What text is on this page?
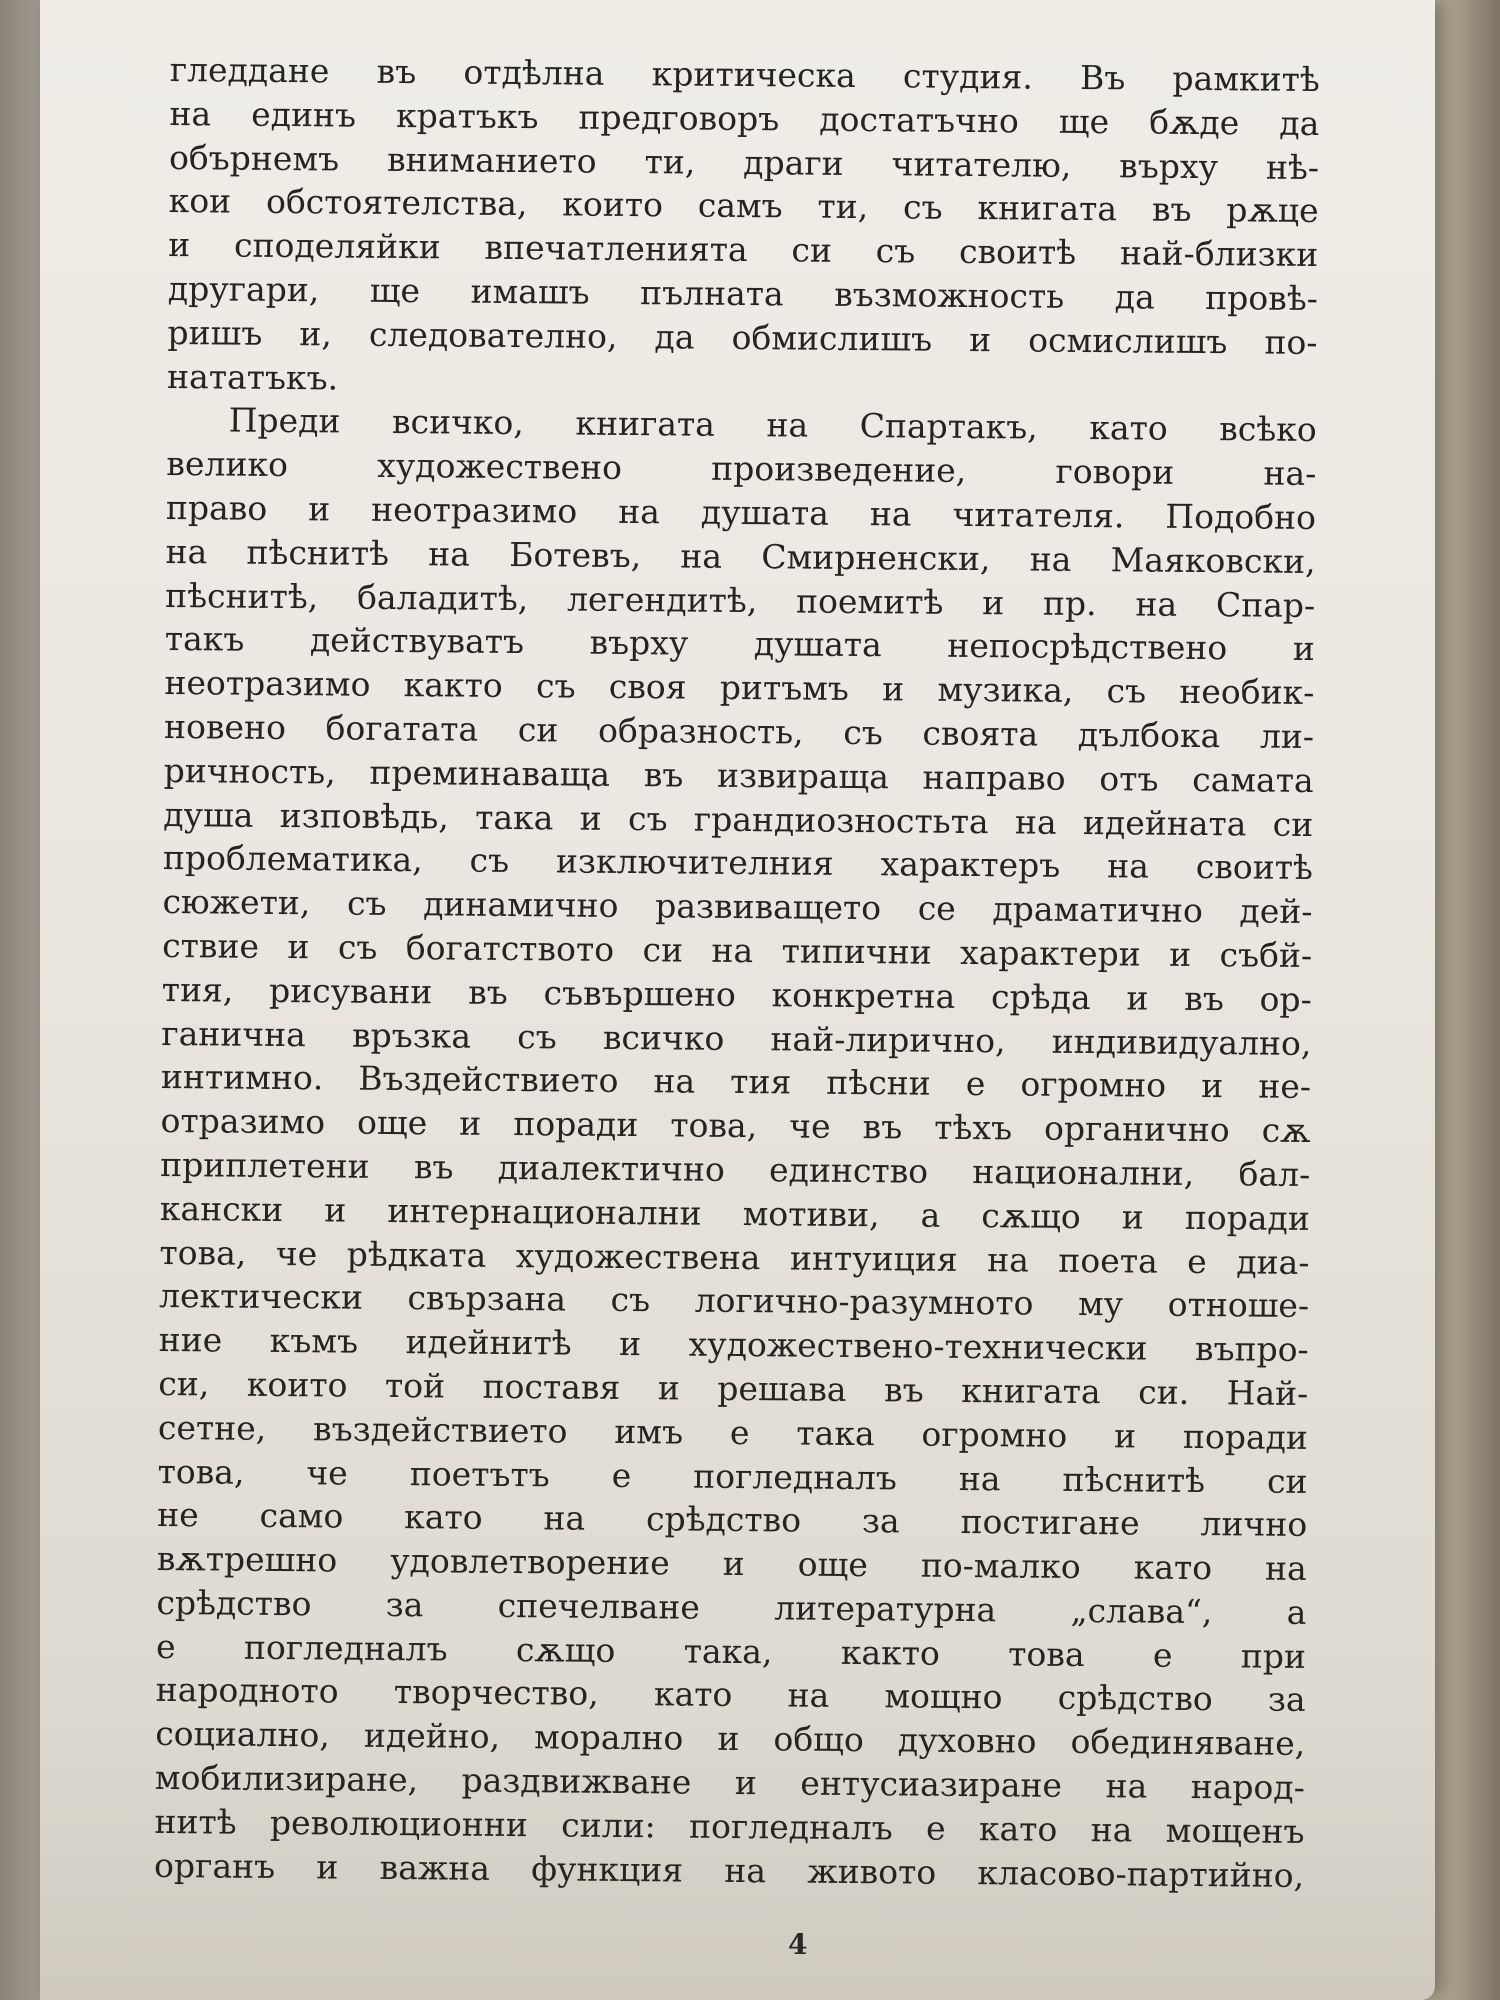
гледдане въ отдѣлна критическа студия. Въ рамкитѣ
на единъ кратъкъ предговоръ достатъчно ще бѫде да
обърнемъ вниманието ти, драги читателю, върху нѣ-
кои обстоятелства, които самъ ти, съ книгата въ рѫце
и споделяйки впечатленията си съ своитѣ най-близки
другари, ще имашъ пълната възможность да провѣ-
ришъ и, следователно, да обмислишъ и осмислишъ по-
нататъкъ.
Преди всичко, книгата на Спартакъ, като всѣко
велико художествено произведение, говори на-
право и неотразимо на душата на читателя. Подобно
на пѣснитѣ на Ботевъ, на Смирненски, на Маяковски,
пѣснитѣ, баладитѣ, легендитѣ, поемитѣ и пр. на Спар-
такъ действуватъ върху душата непосрѣдствено и
неотразимо както съ своя ритъмъ и музика, съ необик-
новено богатата си образность, съ своята дълбока ли-
ричность, преминаваща въ извираща направо отъ самата
душа изповѣдь, така и съ грандиозностьта на идейната си
проблематика, съ изключителния характеръ на своитѣ
сюжети, съ динамично развиващето се драматично дей-
ствие и съ богатството си на типични характери и събй-
тия, рисувани въ съвършено конкретна срѣда и въ ор-
ганична връзка съ всичко най-лирично, индивидуално,
интимно. Въздействието на тия пѣсни е огромно и не-
отразимо още и поради това, че въ тѣхъ органично сѫ
приплетени въ диалектично единство национални, бал-
кански и интернационални мотиви, а сѫщо и поради
това, че рѣдката художествена интуиция на поета е диа-
лектически свързана съ логично-разумното му отноше-
ние къмъ идейнитѣ и художествено-технически въпро-
си, които той поставя и решава въ книгата си. Най-
сетне, въздействието имъ е така огромно и поради
това, че поетътъ е погледналъ на пѣснитѣ си
не само като на срѣдство за постигане лично
вѫтрешно удовлетворение и още по-малко като на
срѣдство за спечелване литературна „слава“, а
е погледналъ сѫщо така, както това е при
народното творчество, като на мощно срѣдство за
социално, идейно, морално и общо духовно обединяване,
мобилизиране, раздвижване и ентусиазиране на народ-
нитѣ революционни сили: погледналъ е като на мощенъ
органъ и важна функция на живото класово-партийно,

4
